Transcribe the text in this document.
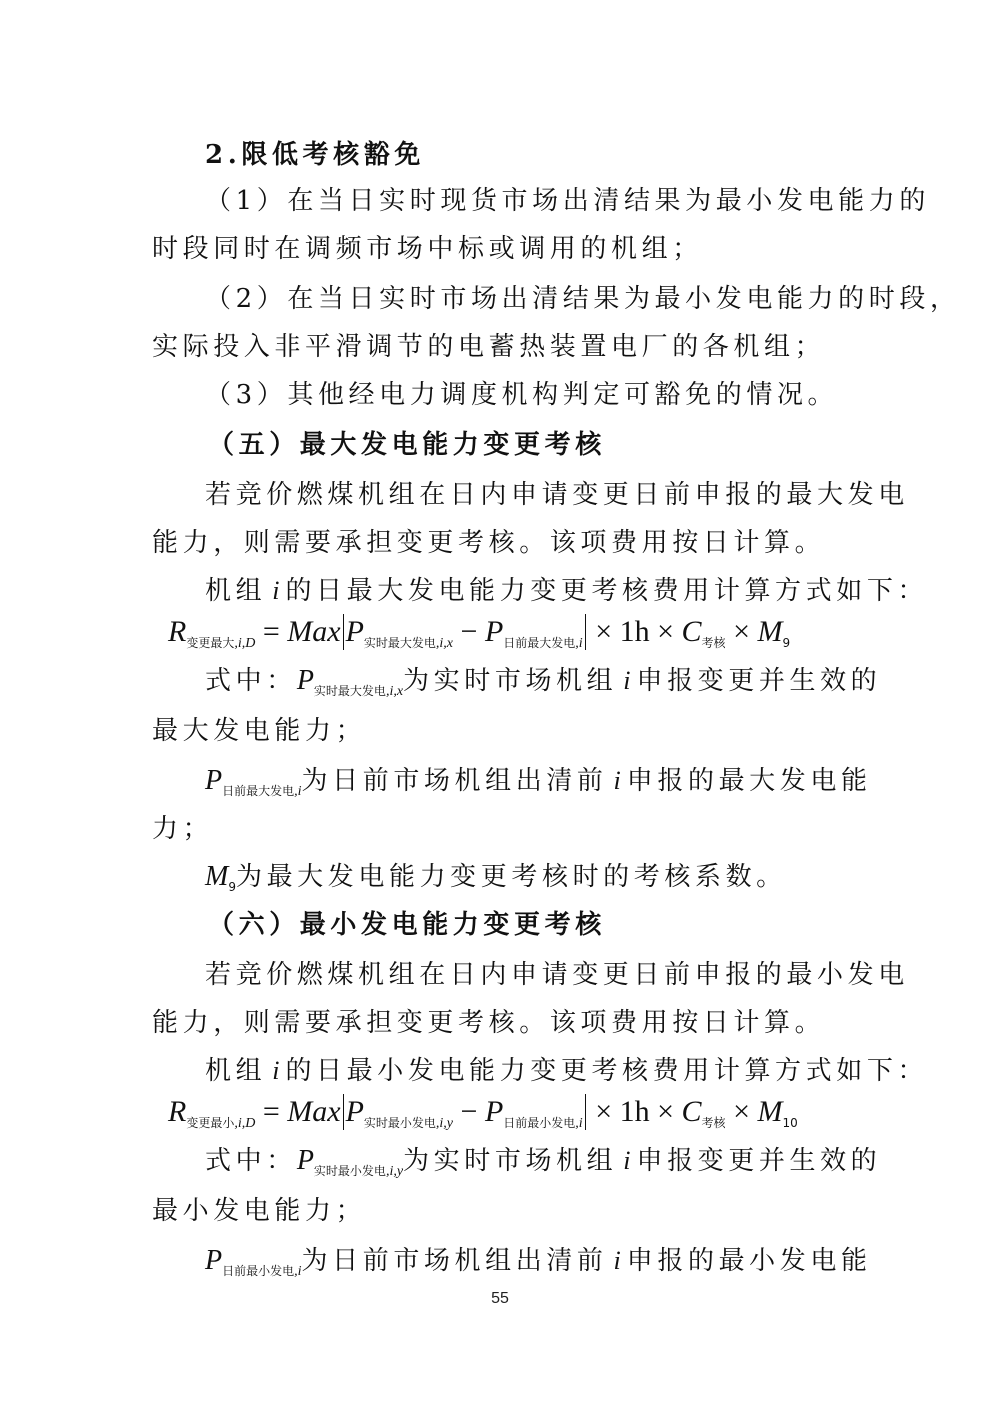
2.限低考核豁免
（1）在当日实时现货市场出清结果为最小发电能力的
时段同时在调频市场中标或调用的机组；
（2）在当日实时市场出清结果为最小发电能力的时段，
实际投入非平滑调节的电蓄热装置电厂的各机组；
（3）其他经电力调度机构判定可豁免的情况。
（五）最大发电能力变更考核
若竞价燃煤机组在日内申请变更日前申报的最大发电
能力，则需要承担变更考核。该项费用按日计算。
机组 i 的日最大发电能力变更考核费用计算方式如下：
$R_{变更最大,i,D}$ = Max $P_{实时最大发电,i,x} - P_{日前最大发电,i} \times 1h \times C_{考核} \times M_9$
式中：$P_{实时最大发电,i,x}$为实时市场机组 i 申报变更并生效的
最大发电能力；
$P_{日前最大发电,i}$为日前市场机组出清前 i 申报的最大发电能
力；
$M_9$为最大发电能力变更考核时的考核系数。
（六）最小发电能力变更考核
若竞价燃煤机组在日内申请变更日前申报的最小发电
能力，则需要承担变更考核。该项费用按日计算。
机组 i 的日最小发电能力变更考核费用计算方式如下：
$R_{变更最小,i,D}$ = Max $P_{实时最小发电,i,y} - P_{日前最小发电,i} \times 1h \times C_{考核} \times M_{10}$
式中：$P_{实时最小发电,i,y}$为实时市场机组 i 申报变更并生效的
最小发电能力；
$P_{日前最小发电,i}$为日前市场机组出清前 i 申报的最小发电能
55
